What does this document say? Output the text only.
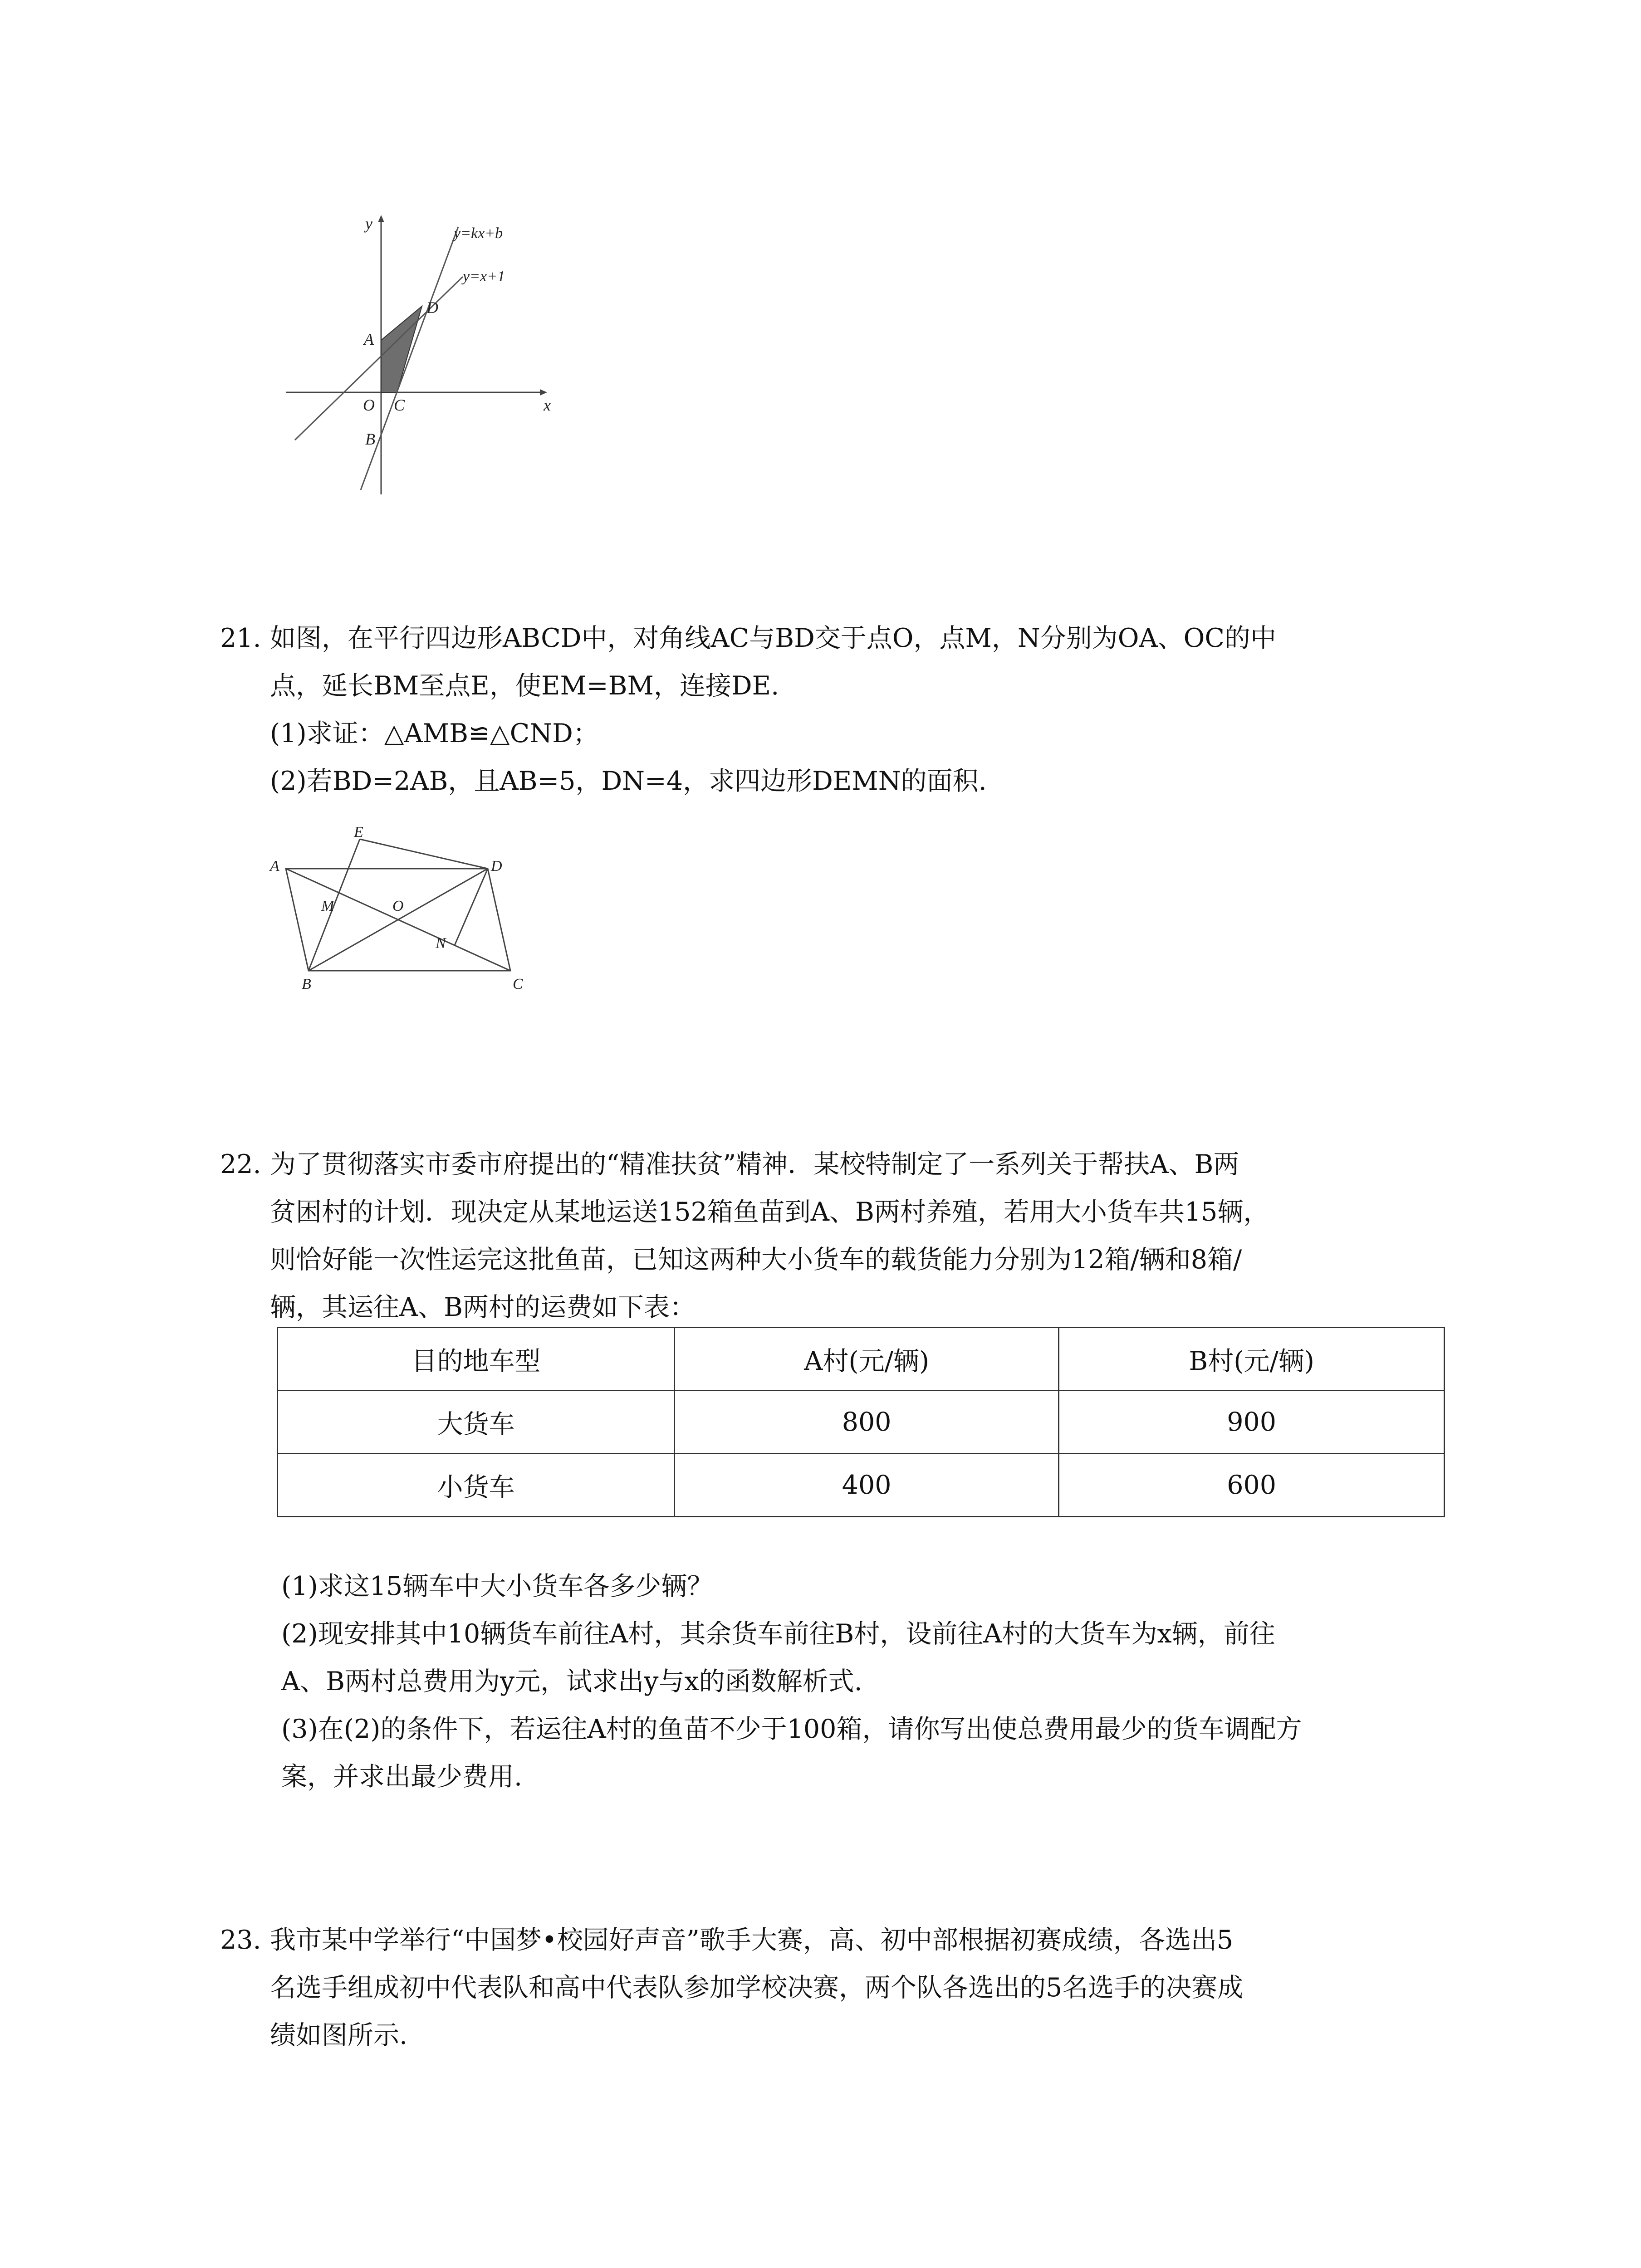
y
x
y=kx+b
y=x+1
A
D
O C
B

21. 如图，在平行四边形ABCD中，对角线AC与BD交于点O，点M，N分别为OA、OC的中

点，延长BM至点E，使EM=BM，连接DE.

(1)求证：△AMB≌△CND；

(2)若BD=2AB，且AB=5，DN=4，求四边形DEMN的面积.

E
A	D
M	O
N
B	C

22. 为了贯彻落实市委市府提出的“精准扶贫”精神．某校特制定了一系列关于帮扶A、B两

贫困村的计划．现决定从某地运送152箱鱼苗到A、B两村养殖，若用大小货车共15辆，

则恰好能一次性运完这批鱼苗，已知这两种大小货车的载货能力分别为12箱/辆和8箱/

辆，其运往A、B两村的运费如下表：

目的地车型	A村(元/辆)	B村(元/辆)
大货车	800	900
小货车	400	600

(1)求这15辆车中大小货车各多少辆？

(2)现安排其中10辆货车前往A村，其余货车前往B村，设前往A村的大货车为x辆，前往

A、B两村总费用为y元，试求出y与x的函数解析式.

(3)在(2)的条件下，若运往A村的鱼苗不少于100箱，请你写出使总费用最少的货车调配方

案，并求出最少费用.

23. 我市某中学举行“中国梦•校园好声音”歌手大赛，高、初中部根据初赛成绩，各选出5

名选手组成初中代表队和高中代表队参加学校决赛，两个队各选出的5名选手的决赛成

绩如图所示.
